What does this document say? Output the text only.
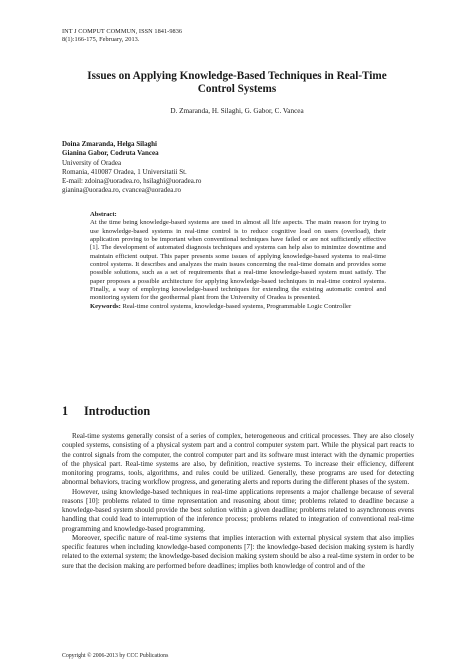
INT J COMPUT COMMUN, ISSN 1841-9836
8(1):166-175, February, 2013.
Issues on Applying Knowledge-Based Techniques in Real-Time
Control Systems
D. Zmaranda, H. Silaghi, G. Gabor, C. Vancea
Doina Zmaranda, Helga Silaghi
Gianina Gabor, Codruta Vancea
University of Oradea
Romania, 410087 Oradea, 1 Universitatii St.
E-mail: zdoina@uoradea.ro, hsilaghi@uoradea.ro
gianina@uoradea.ro, cvancea@uoradea.ro
Abstract:
At the time being knowledge-based systems are used in almost all life aspects. The main reason for trying to use knowledge-based systems in real-time control is to reduce cognitive load on users (overload), their application proving to be important when conventional techniques have failed or are not sufficiently effective [1]. The development of automated diagnosis techniques and systems can help also to minimize downtime and maintain efficient output. This paper presents some issues of applying knowledge-based systems to real-time control systems. It describes and analyzes the main issues concerning the real-time domain and provides some possible solutions, such as a set of requirements that a real-time knowledge-based system must satisfy. The paper proposes a possible architecture for applying knowledge-based techniques in real-time control systems. Finally, a way of employing knowledge-based techniques for extending the existing automatic control and monitoring system for the geothermal plant from the University of Oradea is presented.
Keywords: Real-time control systems, knowledge-based systems, Programmable Logic Controller
1 Introduction

Real-time systems generally consist of a series of complex, heterogeneous and critical processes. They are also closely coupled systems, consisting of a physical system part and a control computer system part. While the physical part reacts to the control signals from the computer, the control computer part and its software must interact with the dynamic properties of the physical part. Real-time systems are also, by definition, reactive systems. To increase their efficiency, different monitoring programs, tools, algorithms, and rules could be utilized. Generally, these programs are used for detecting abnormal behaviors, tracing workflow progress, and generating alerts and reports during the different phases of the system.

However, using knowledge-based techniques in real-time applications represents a major challenge because of several reasons [10]: problems related to time representation and reasoning about time; problems related to deadline because a knowledge-based system should provide the best solution within a given deadline; problems related to asynchronous evens handling that could lead to interruption of the inference process; problems related to integration of conventional real-time programming and knowledge-based programming.

Moreover, specific nature of real-time systems that implies interaction with external physical system that also implies specific features when including knowledge-based components [7]: the knowledge-based decision making system is hardly related to the external system; the knowledge-based decision making system should be also a real-time system in order to be sure that the decision making are performed before deadlines; implies both knowledge of control and of the

Copyright © 2006-2013 by CCC Publications
